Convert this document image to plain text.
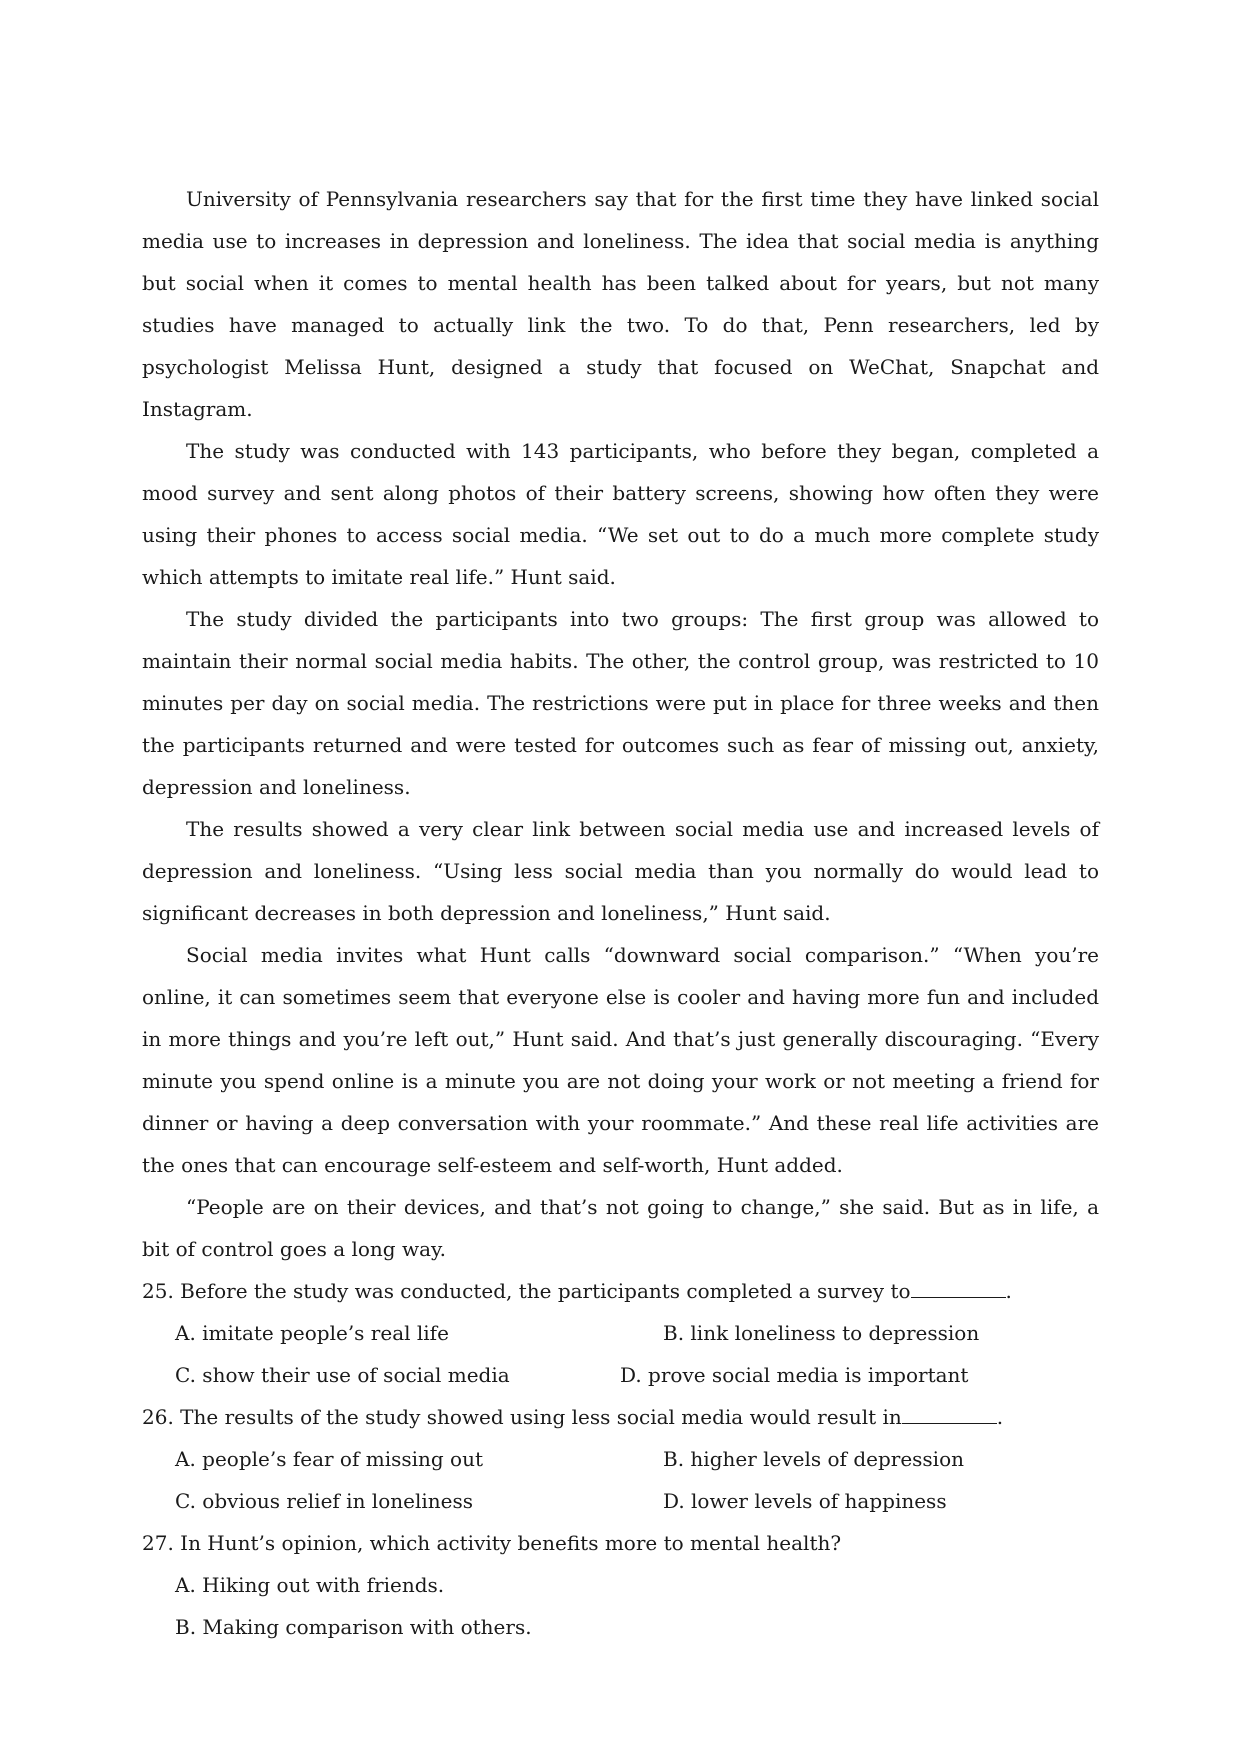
University of Pennsylvania researchers say that for the first time they have linked social media use to increases in depression and loneliness. The idea that social media is anything but social when it comes to mental health has been talked about for years, but not many studies have managed to actually link the two. To do that, Penn researchers, led by psychologist Melissa Hunt, designed a study that focused on WeChat, Snapchat and Instagram.

The study was conducted with 143 participants, who before they began, completed a mood survey and sent along photos of their battery screens, showing how often they were using their phones to access social media. “We set out to do a much more complete study which attempts to imitate real life.” Hunt said.

The study divided the participants into two groups: The first group was allowed to maintain their normal social media habits. The other, the control group, was restricted to 10 minutes per day on social media. The restrictions were put in place for three weeks and then the participants returned and were tested for outcomes such as fear of missing out, anxiety, depression and loneliness.

The results showed a very clear link between social media use and increased levels of depression and loneliness. “Using less social media than you normally do would lead to significant decreases in both depression and loneliness,” Hunt said.

Social media invites what Hunt calls “downward social comparison.” “When you’re online, it can sometimes seem that everyone else is cooler and having more fun and included in more things and you’re left out,” Hunt said. And that’s just generally discouraging. “Every minute you spend online is a minute you are not doing your work or not meeting a friend for dinner or having a deep conversation with your roommate.” And these real life activities are the ones that can encourage self-esteem and self-worth, Hunt added.

“People are on their devices, and that’s not going to change,” she said. But as in life, a bit of control goes a long way.

25. Before the study was conducted, the participants completed a survey to	.

A. imitate people’s real life	B. link loneliness to depression
C. show their use of social media	D. prove social media is important

26. The results of the study showed using less social media would result in	.

A. people’s fear of missing out	B. higher levels of depression
C. obvious relief in loneliness	D. lower levels of happiness

27. In Hunt’s opinion, which activity benefits more to mental health?

A. Hiking out with friends.
B. Making comparison with others.
